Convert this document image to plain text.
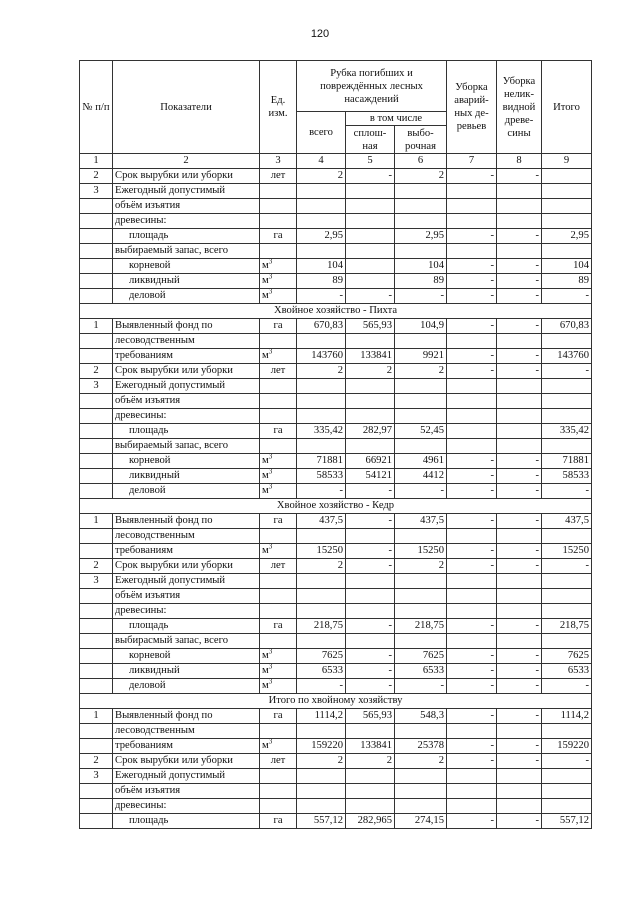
120
№ п/п	Показатели	Ед. изм.	Рубка погибших и повреждённых лесных насаждений			Уборка аварий- ных де- ревьев	Уборка нелик- видной древе- сины	Итого
			всего	в том числе				
				сплош- ная	выбо- рочная			
1	2	3	4	5	6	7	8	9
2	Срок вырубки или уборки	лет	2	-	2	-	-	
3	Ежегодный допустимый							
	объём изъятия							
	древесины:							
	площадь	га	2,95		2,95	-	-	2,95
	выбираемый запас, всего							
	корневой	$м^3$	104		104	-	-	104
	ликвидный	$м^3$	89		89	-	-	89
	деловой	$м^3$	-	-	-	-	-	-
Хвойное хозяйство - Пихта								
1	Выявленный фонд по	га	670,83	565,93	104,9	-	-	670,83
	лесоводственным							
	требованиям	$м^3$	143760	133841	9921	-	-	143760
2	Срок вырубки или уборки	лет	2	2	2	-	-	-
3	Ежегодный допустимый							
	объём изъятия							
	древесины:							
	площадь	га	335,42	282,97	52,45			335,42
	выбираемый запас, всего							
	корневой	$м^3$	71881	66921	4961	-	-	71881
	ликвидный	$м^3$	58533	54121	4412	-	-	58533
	деловой	$м^3$	-	-	-	-	-	-
Хвойное хозяйство - Кедр								
1	Выявленный фонд по	га	437,5	-	437,5	-	-	437,5
	лесоводственным							
	требованиям	$м^3$	15250	-	15250	-	-	15250
2	Срок вырубки или уборки	лет	2	-	2	-	-	-
3	Ежегодный допустимый							
	объём изъятия							
	древесины:							
	площадь	га	218,75	-	218,75	-	-	218,75
	выбирасмый запас, всего							
	корневой	$м^3$	7625	-	7625	-	-	7625
	ликвидный	$м^3$	6533	-	6533	-	-	6533
	деловой	$м^3$	-	-	-	-	-	-
Итого по хвойному хозяйству								
1	Выявленный фонд по	га	1114,2	565,93	548,3	-	-	1114,2
	лесоводственным							
	требованиям	$м^3$	159220	133841	25378	-	-	159220
2	Срок вырубки или уборки	лет	2	2	2	-	-	-
3	Ежегодный допустимый							
	объём изъятия							
	древесины:							
	площадь	га	557,12	282,965	274,15	-	-	557,12
